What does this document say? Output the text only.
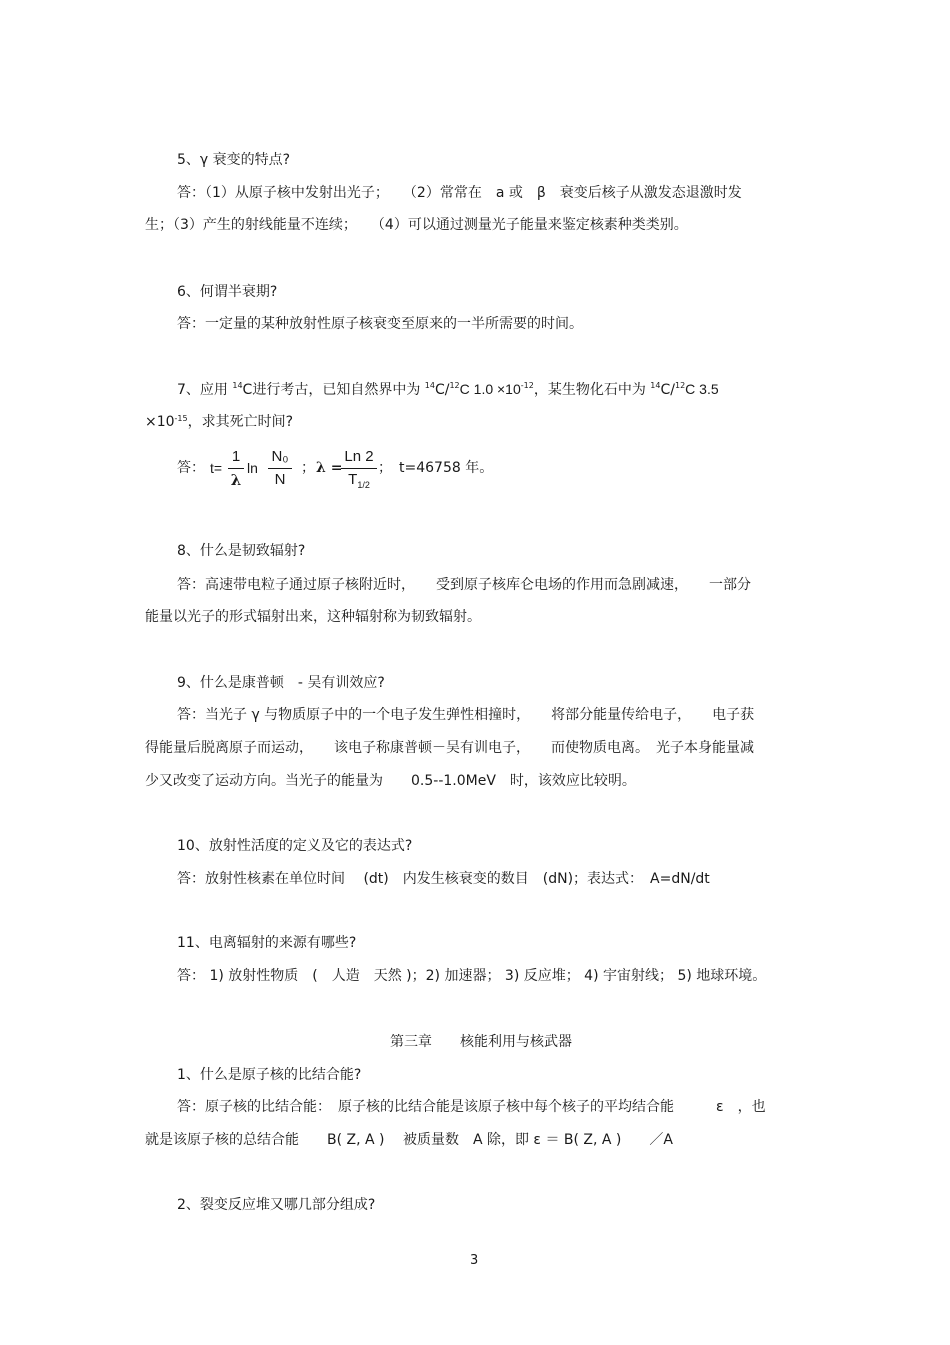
5、γ 衰变的特点?
答：（1）从原子核中发射出光子；　　（2）常常在　a 或　β　衰变后核子从激发态退激时发
生；（3）产生的射线能量不连续；　　（4）可以通过测量光子能量来鉴定核素种类类别。
6、何谓半衰期?
答：一定量的某种放射性原子核衰变至原来的一半所需要的时间。
7、应用 $^{14}$C进行考古，已知自然界中为 $^{14}$C/$^{12}$C $1.0 \times 10^{-12}$，某生物化石中为 $^{14}$C/$^{12}$C 3.5
$\times 10^{-15}$，求其死亡时间?
答： t=
1
λ
ln
N₀
N
； λ =
Ln 2
$T_{1/2}$
；　t=46758 年。
8、什么是韧致辐射?
答：高速带电粒子通过原子核附近时，　　受到原子核库仑电场的作用而急剧减速，　　一部分
能量以光子的形式辐射出来，这种辐射称为韧致辐射。
9、什么是康普顿　- 吴有训效应?
答：当光子 γ 与物质原子中的一个电子发生弹性相撞时，　　将部分能量传给电子，　　电子获
得能量后脱离原子而运动，　　该电子称康普顿－吴有训电子，　　而使物质电离。　光子本身能量减
少又改变了运动方向。当光子的能量为　　0.5--1.0MeV　时，该效应比较明。
10、放射性活度的定义及它的表达式?
答：放射性核素在单位时间　 (dt)　内发生核衰变的数目　(dN)；表达式：　A=dN/dt
11、电离辐射的来源有哪些?
答： 1) 放射性物质　(　人造　天然 )；2) 加速器； 3) 反应堆； 4) 宇宙射线； 5) 地球环境。
第三章　　核能利用与核武器
1、什么是原子核的比结合能?
答：原子核的比结合能：　原子核的比结合能是该原子核中每个核子的平均结合能　　　ε　，也
就是该原子核的总结合能　　B( Z, A )　 被质量数　A 除，即 ε ＝ B( Z, A )　　／A
2、裂变反应堆又哪几部分组成?
3
